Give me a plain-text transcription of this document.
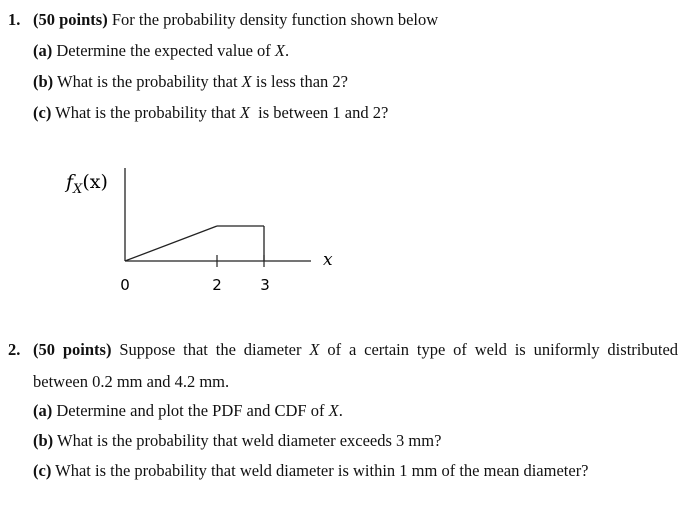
1. (50 points) For the probability density function shown below
(a) Determine the expected value of X.
(b) What is the probability that X is less than 2?
(c) What is the probability that X is between 1 and 2?
$f_X(x)$
0	2	3
x
2. (50 points) Suppose that the diameter X of a certain type of weld is uniformly distributed
between 0.2 mm and 4.2 mm.
(a) Determine and plot the PDF and CDF of X.
(b) What is the probability that weld diameter exceeds 3 mm?
(c) What is the probability that weld diameter is within 1 mm of the mean diameter?
